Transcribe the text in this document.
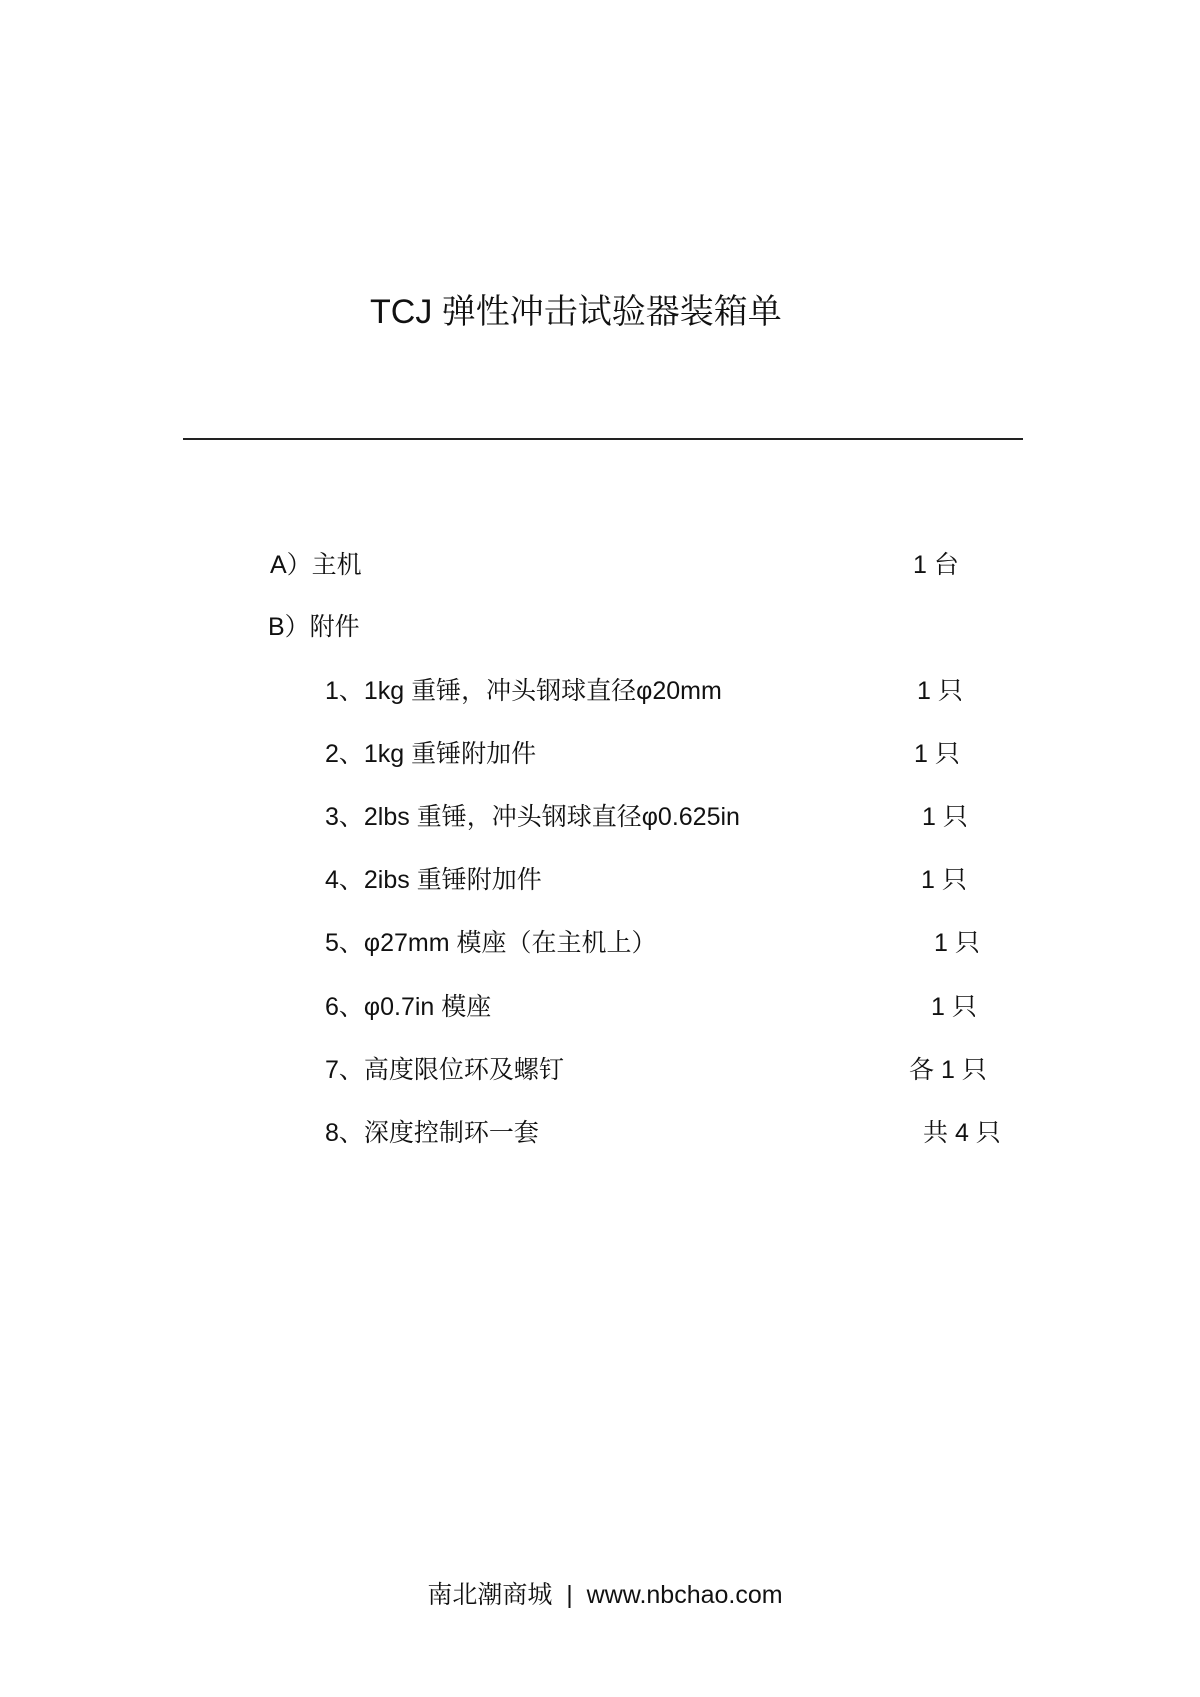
TCJ 弹性冲击试验器装箱单
A）主机	1 台
B）附件
1、1kg 重锤，冲头钢球直径φ20mm	1 只
2、1kg 重锤附加件	1 只
3、2lbs 重锤，冲头钢球直径φ0.625in	1 只
4、2ibs 重锤附加件	1 只
5、φ27mm 模座（在主机上）	1 只
6、φ0.7in 模座	1 只
7、高度限位环及螺钉	各 1 只
8、深度控制环一套	共 4 只
南北潮商城  |  www.nbchao.com
